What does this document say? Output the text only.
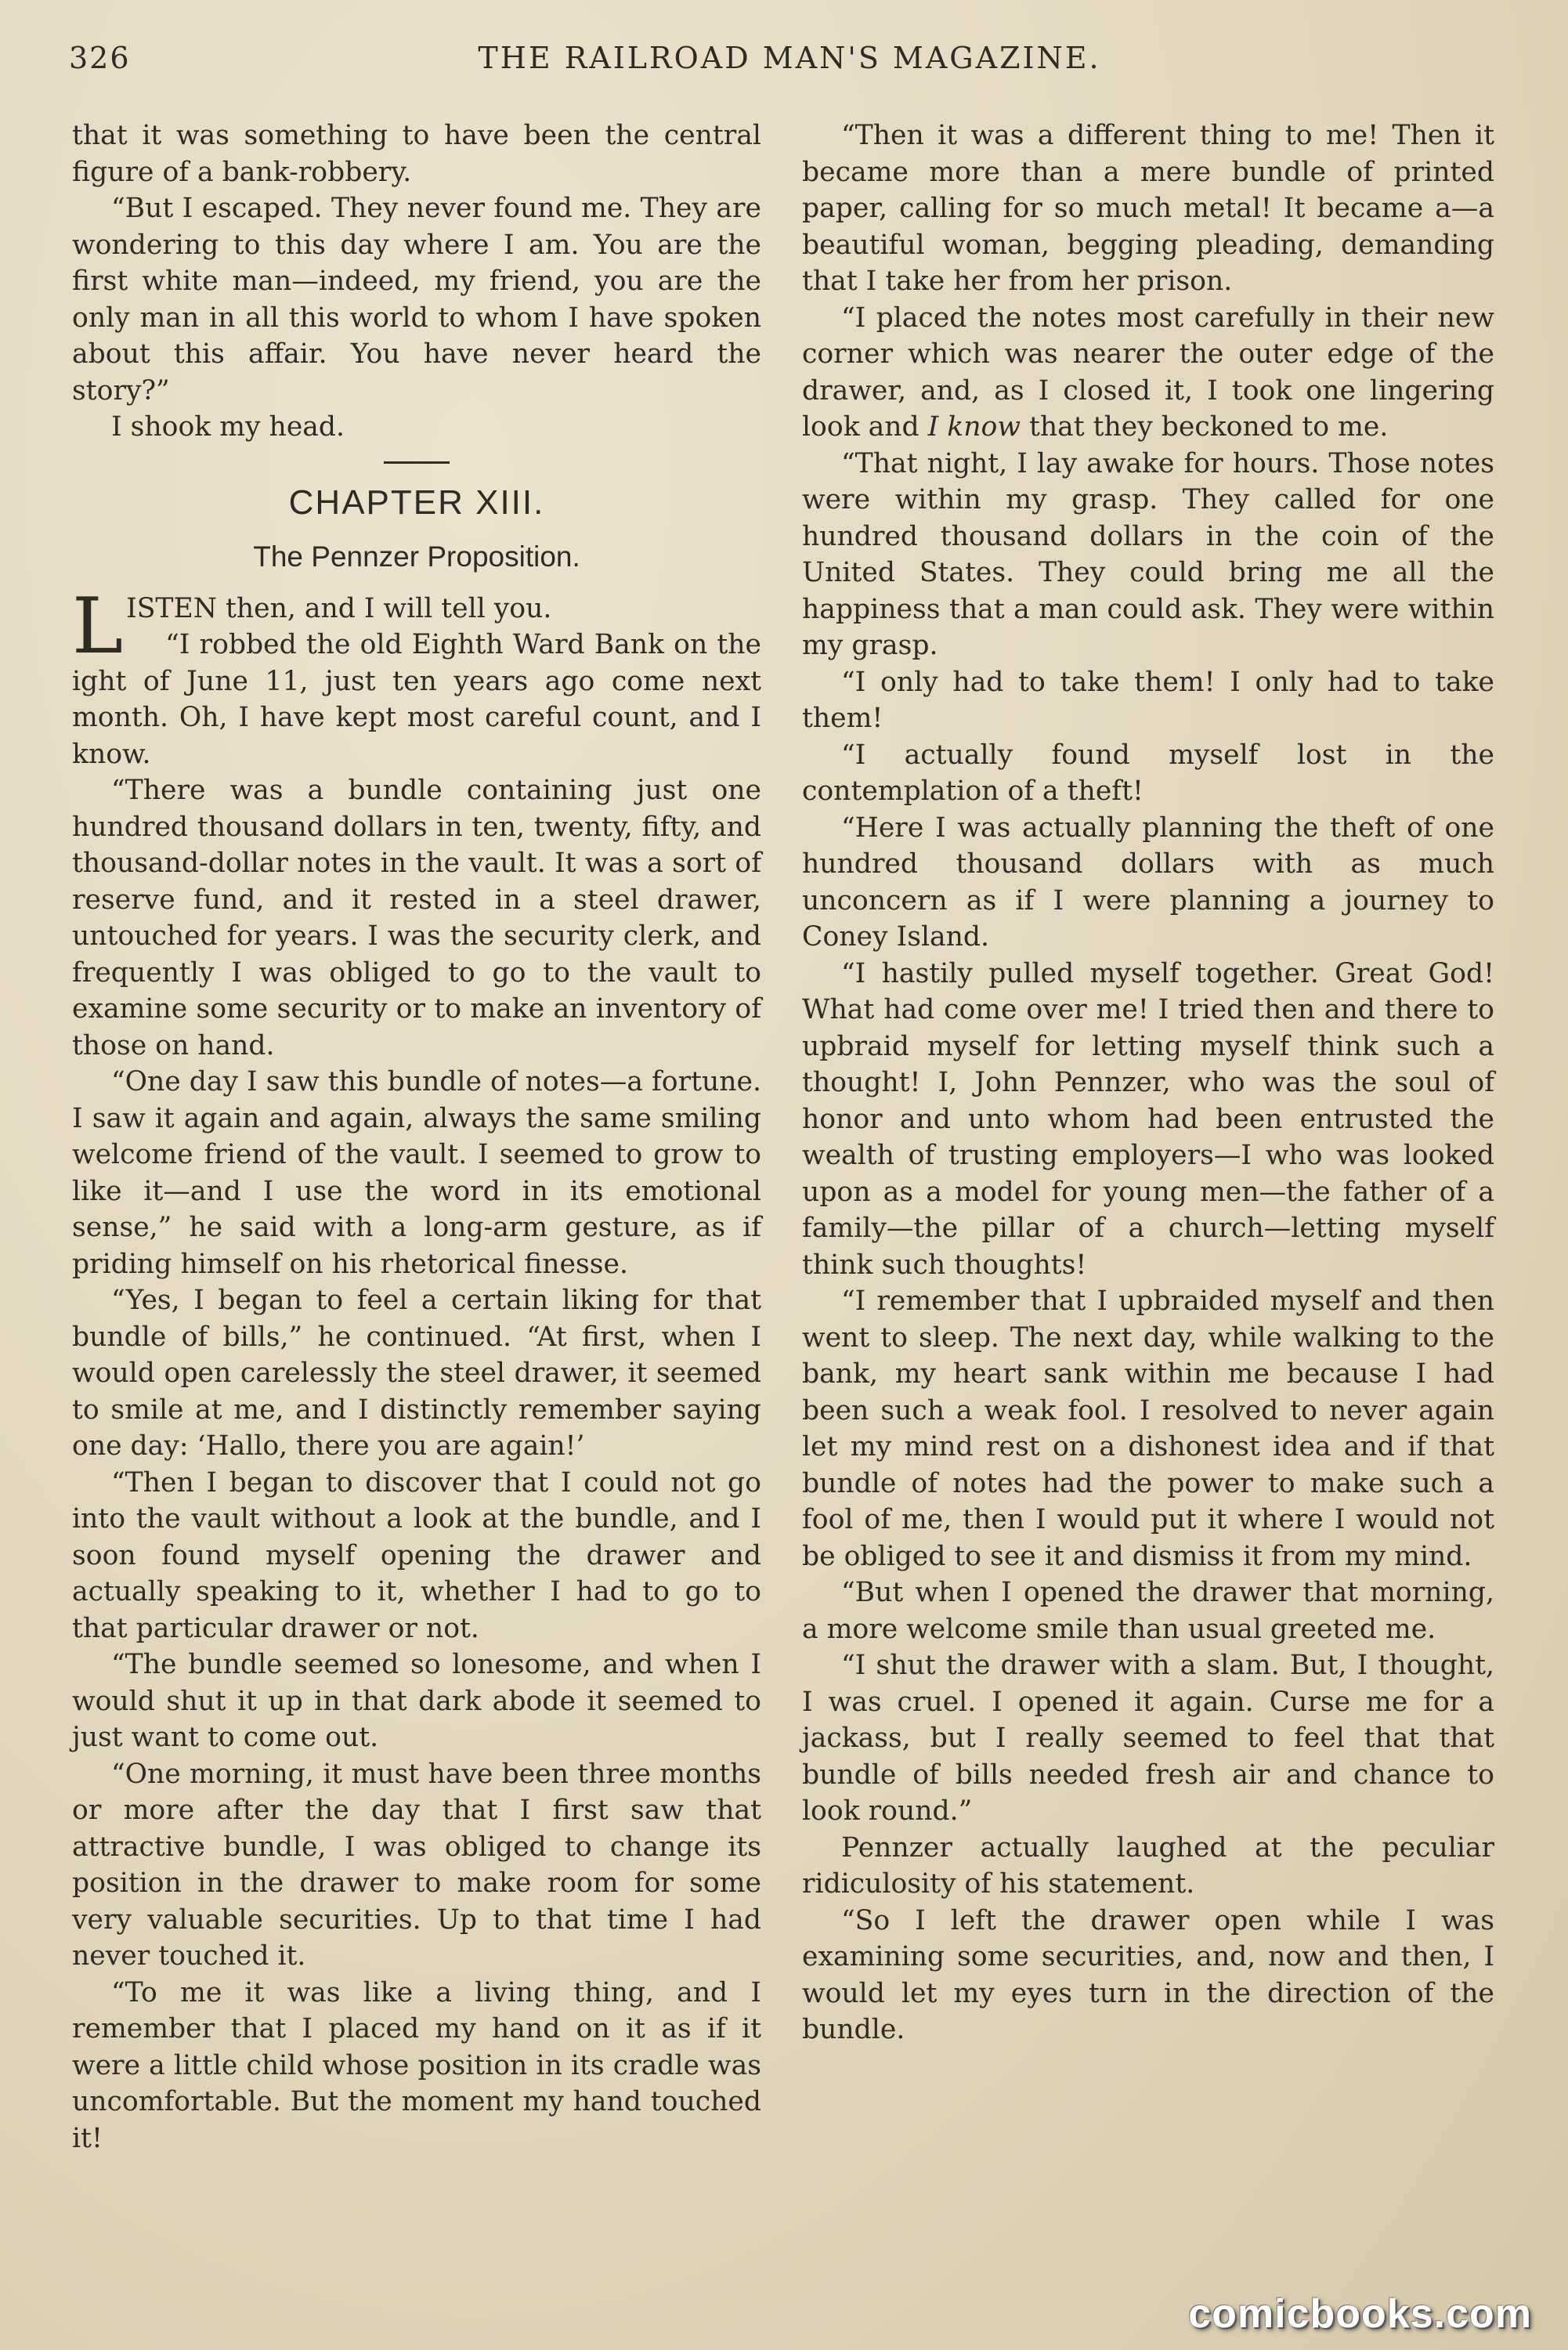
326	THE RAILROAD MAN'S MAGAZINE.

that it was something to have been the central figure of a bank-robbery.

“But I escaped. They never found me. They are wondering to this day where I am. You are the first white man—indeed, my friend, you are the only man in all this world to whom I have spoken about this affair. You have never heard the story?”

I shook my head.

CHAPTER XIII.
The Pennzer Proposition.

LISTEN then, and I will tell you.

“I robbed the old Eighth Ward Bank on the ight of June 11, just ten years ago come next month. Oh, I have kept most careful count, and I know.

“There was a bundle containing just one hundred thousand dollars in ten, twenty, fifty, and thousand-dollar notes in the vault. It was a sort of reserve fund, and it rested in a steel drawer, untouched for years. I was the security clerk, and frequently I was obliged to go to the vault to examine some security or to make an inventory of those on hand.

“One day I saw this bundle of notes—a fortune. I saw it again and again, always the same smiling welcome friend of the vault. I seemed to grow to like it—and I use the word in its emotional sense,” he said with a long-arm gesture, as if priding himself on his rhetorical finesse.

“Yes, I began to feel a certain liking for that bundle of bills,” he continued. “At first, when I would open carelessly the steel drawer, it seemed to smile at me, and I distinctly remember saying one day: ‘Hallo, there you are again!’

“Then I began to discover that I could not go into the vault without a look at the bundle, and I soon found myself opening the drawer and actually speaking to it, whether I had to go to that particular drawer or not.

“The bundle seemed so lonesome, and when I would shut it up in that dark abode it seemed to just want to come out.

“One morning, it must have been three months or more after the day that I first saw that attractive bundle, I was obliged to change its position in the drawer to make room for some very valuable securities. Up to that time I had never touched it.

“To me it was like a living thing, and I remember that I placed my hand on it as if it were a little child whose position in its cradle was uncomfortable. But the moment my hand touched it!

“Then it was a different thing to me! Then it became more than a mere bundle of printed paper, calling for so much metal! It became a—a beautiful woman, begging pleading, demanding that I take her from her prison.

“I placed the notes most carefully in their new corner which was nearer the outer edge of the drawer, and, as I closed it, I took one lingering look and I know that they beckoned to me.

“That night, I lay awake for hours. Those notes were within my grasp. They called for one hundred thousand dollars in the coin of the United States. They could bring me all the happiness that a man could ask. They were within my grasp.

“I only had to take them! I only had to take them!

“I actually found myself lost in the contemplation of a theft!

“Here I was actually planning the theft of one hundred thousand dollars with as much unconcern as if I were planning a journey to Coney Island.

“I hastily pulled myself together. Great God! What had come over me! I tried then and there to upbraid myself for letting myself think such a thought! I, John Pennzer, who was the soul of honor and unto whom had been entrusted the wealth of trusting employers—I who was looked upon as a model for young men—the father of a family—the pillar of a church—letting myself think such thoughts!

“I remember that I upbraided myself and then went to sleep. The next day, while walking to the bank, my heart sank within me because I had been such a weak fool. I resolved to never again let my mind rest on a dishonest idea and if that bundle of notes had the power to make such a fool of me, then I would put it where I would not be obliged to see it and dismiss it from my mind.

“But when I opened the drawer that morning, a more welcome smile than usual greeted me.

“I shut the drawer with a slam. But, I thought, I was cruel. I opened it again. Curse me for a jackass, but I really seemed to feel that that bundle of bills needed fresh air and chance to look round.”

Pennzer actually laughed at the peculiar ridiculosity of his statement.

“So I left the drawer open while I was examining some securities, and, now and then, I would let my eyes turn in the direction of the bundle.

comicbooks.com
